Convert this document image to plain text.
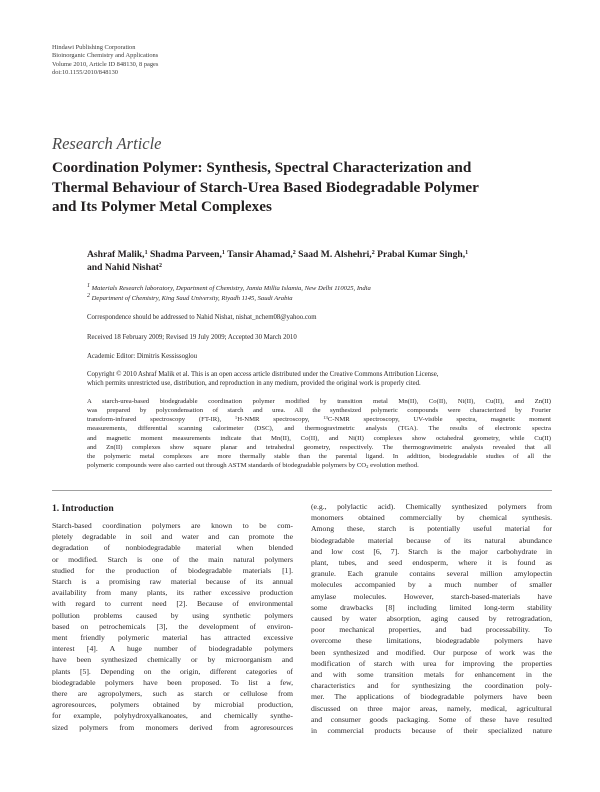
Hindawi Publishing Corporation
Bioinorganic Chemistry and Applications
Volume 2010, Article ID 848130, 8 pages
doi:10.1155/2010/848130
Research Article
Coordination Polymer: Synthesis, Spectral Characterization and
Thermal Behaviour of Starch-Urea Based Biodegradable Polymer
and Its Polymer Metal Complexes
Ashraf Malik,$^1$ Shadma Parveen,$^1$ Tansir Ahamad,$^2$ Saad M. Alshehri,$^2$ Prabal Kumar Singh,$^1$
and Nahid Nishat$^2$
$^1$ Materials Research laboratory, Department of Chemistry, Jamia Millia Islamia, New Delhi 110025, India
$^2$ Department of Chemistry, King Saud University, Riyadh 1145, Saudi Arabia
Correspondence should be addressed to Nahid Nishat, nishat_nchem08@yahoo.com
Received 18 February 2009; Revised 19 July 2009; Accepted 30 March 2010
Academic Editor: Dimitris Kessissoglou
Copyright © 2010 Ashraf Malik et al. This is an open access article distributed under the Creative Commons Attribution License,
which permits unrestricted use, distribution, and reproduction in any medium, provided the original work is properly cited.
A starch-urea-based biodegradable coordination polymer modified by transition metal Mn(II), Co(II), Ni(II), Cu(II), and Zn(II)
was prepared by polycondensation of starch and urea. All the synthesized polymeric compounds were characterized by Fourier
transform-infrared spectroscopy (FT-IR), $^1$H-NMR spectroscopy, $^{13}$C-NMR spectroscopy, UV-visible spectra, magnetic moment
measurements, differential scanning calorimeter (DSC), and thermogravimetric analysis (TGA). The results of electronic spectra
and magnetic moment measurements indicate that Mn(II), Co(II), and Ni(II) complexes show octahedral geometry, while Cu(II)
and Zn(II) complexes show square planar and tetrahedral geometry, respectively. The thermogravimetric analysis revealed that all
the polymeric metal complexes are more thermally stable than the parental ligand. In addition, biodegradable studies of all the
polymeric compounds were also carried out through ASTM standards of biodegradable polymers by $CO_2$ evolution method.
1. Introduction
Starch-based coordination polymers are known to be com-
pletely degradable in soil and water and can promote the
degradation of nonbiodegradable material when blended
or modified. Starch is one of the main natural polymers
studied for the production of biodegradable materials [1].
Starch is a promising raw material because of its annual
availability from many plants, its rather excessive production
with regard to current need [2]. Because of environmental
pollution problems caused by using synthetic polymers
based on petrochemicals [3], the development of environ-
ment friendly polymeric material has attracted excessive
interest [4]. A huge number of biodegradable polymers
have been synthesized chemically or by microorganism and
plants [5]. Depending on the origin, different categories of
biodegradable polymers have been proposed. To list a few,
there are agropolymers, such as starch or cellulose from
agroresources, polymers obtained by microbial production,
for example, polyhydroxyalkanoates, and chemically synthe-
sized polymers from monomers derived from agroresources
(e.g., polylactic acid). Chemically synthesized polymers from
monomers obtained commercially by chemical synthesis.
Among these, starch is potentially useful material for
biodegradable material because of its natural abundance
and low cost [6, 7]. Starch is the major carbohydrate in
plant, tubes, and seed endosperm, where it is found as
granule. Each granule contains several million amylopectin
molecules accompanied by a much number of smaller
amylase molecules. However, starch-based-materials have
some drawbacks [8] including limited long-term stability
caused by water absorption, aging caused by retrogradation,
poor mechanical properties, and bad processability. To
overcome these limitations, biodegradable polymers have
been synthesized and modified. Our purpose of work was the
modification of starch with urea for improving the properties
and with some transition metals for enhancement in the
characteristics and for synthesizing the coordination poly-
mer. The applications of biodegradable polymers have been
discussed on three major areas, namely, medical, agricultural
and consumer goods packaging. Some of these have resulted
in commercial products because of their specialized nature
